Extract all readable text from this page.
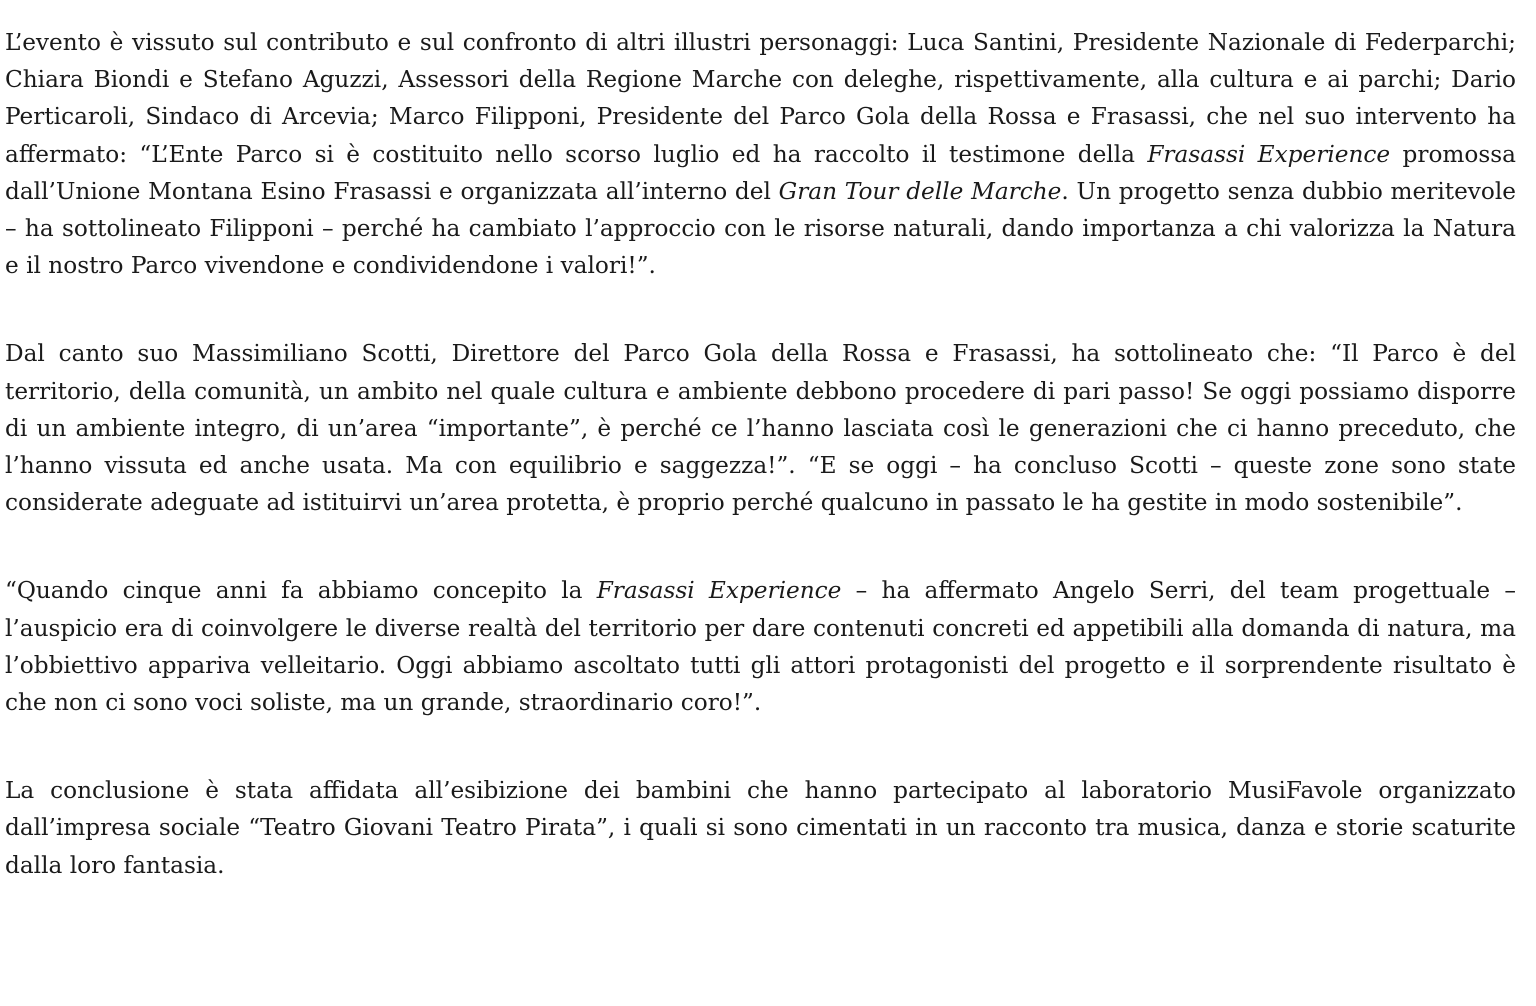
L’evento è vissuto sul contributo e sul confronto di altri illustri personaggi: Luca Santini, Presidente Nazionale di Federparchi; Chiara Biondi e Stefano Aguzzi, Assessori della Regione Marche con deleghe, rispettivamente, alla cultura e ai parchi; Dario Perticaroli, Sindaco di Arcevia; Marco Filipponi, Presidente del Parco Gola della Rossa e Frasassi, che nel suo intervento ha affermato: “L’Ente Parco si è costituito nello scorso luglio ed ha raccolto il testimone della Frasassi Experience promossa dall’Unione Montana Esino Frasassi e organizzata all’interno del Gran Tour delle Marche. Un progetto senza dubbio meritevole – ha sottolineato Filipponi – perché ha cambiato l’approccio con le risorse naturali, dando importanza a chi valorizza la Natura e il nostro Parco vivendone e condividendone i valori!”.

Dal canto suo Massimiliano Scotti, Direttore del Parco Gola della Rossa e Frasassi, ha sottolineato che: “Il Parco è del territorio, della comunità, un ambito nel quale cultura e ambiente debbono procedere di pari passo! Se oggi possiamo disporre di un ambiente integro, di un’area “importante”, è perché ce l’hanno lasciata così le generazioni che ci hanno preceduto, che l’hanno vissuta ed anche usata. Ma con equilibrio e saggezza!”. “E se oggi – ha concluso Scotti – queste zone sono state considerate adeguate ad istituirvi un’area protetta, è proprio perché qualcuno in passato le ha gestite in modo sostenibile”.

“Quando cinque anni fa abbiamo concepito la Frasassi Experience – ha affermato Angelo Serri, del team progettuale – l’auspicio era di coinvolgere le diverse realtà del territorio per dare contenuti concreti ed appetibili alla domanda di natura, ma l’obbiettivo appariva velleitario. Oggi abbiamo ascoltato tutti gli attori protagonisti del progetto e il sorprendente risultato è che non ci sono voci soliste, ma un grande, straordinario coro!”.

La conclusione è stata affidata all’esibizione dei bambini che hanno partecipato al laboratorio MusiFavole organizzato dall’impresa sociale “Teatro Giovani Teatro Pirata”, i quali si sono cimentati in un racconto tra musica, danza e storie scaturite dalla loro fantasia.
